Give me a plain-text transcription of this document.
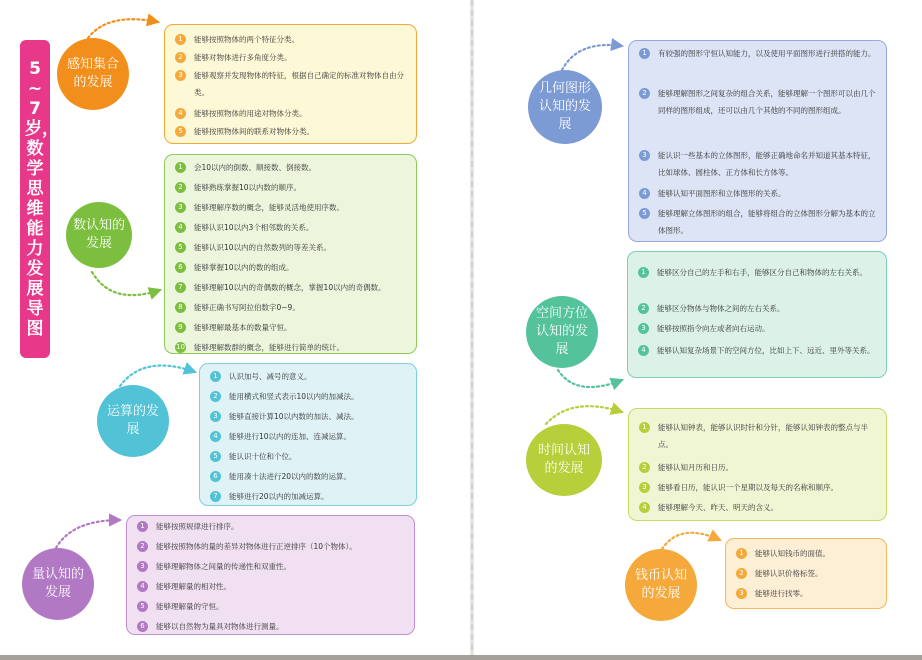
5~7岁，数学思维能力发展导图
感知集合的发展
1	能够按照物体的两个特征分类。
2	能够对物体进行多角度分类。
3	能够观察并发现物体的特征，根据自己确定的标准对物体自由分类。
4	能够按照物体的用途对物体分类。
5	能够按照物体间的联系对物体分类。
数认知的发展
1	会10以内的倒数、顺接数、倒接数。
2	能够熟练掌握10以内数的顺序。
3	能够理解序数的概念，能够灵活地使用序数。
4	能够认识10以内3个相邻数的关系。
5	能够认识10以内的自然数列的等差关系。
6	能够掌握10以内的数的组成。
7	能够理解10以内的奇偶数的概念，掌握10以内的奇偶数。
8	能够正确书写阿拉伯数字0~9。
9	能够理解最基本的数量守恒。
10 能够理解数群的概念，能够进行简单的统计。
运算的发展
1	认识加号、减号的意义。
2	能用横式和竖式表示10以内的加减法。
3	能够直接计算10以内数的加法、减法。
4	能够进行10以内的连加、连减运算。
5	能认识十位和个位。
6	能用凑十法进行20以内的数的运算。
7	能够进行20以内的加减运算。
量认知的发展
1	能够按照规律进行排序。
2	能够按照物体的量的差异对物体进行正逆排序（10个物体）。
3	能够理解物体之间量的传递性和双重性。
4	能够理解量的相对性。
5	能够理解量的守恒。
6	能够以自然物为量具对物体进行测量。
几何图形认知的发展
1	有较强的图形守恒认知能力，以及使用平面图形进行拼搭的能力。
2	能够理解图形之间复杂的组合关系，能够理解一个图形可以由几个同样的图形组成，还可以由几个其他的不同的图形组成。
3	能认识一些基本的立体图形，能够正确地命名并知道其基本特征，比如球体、圆柱体、正方体和长方体等。
4	能够认知平面图形和立体图形的关系。
5	能够理解立体图形的组合，能够将组合的立体图形分解为基本的立体图形。
空间方位认知的发展
1	能够区分自己的左手和右手，能够区分自己和物体的左右关系。
2	能够区分物体与物体之间的左右关系。
3	能够按照指令向左或者向右运动。
4	能够认知复杂场景下的空间方位，比如上下、远近、里外等关系。
时间认知的发展
1	能够认知钟表，能够认识时针和分针，能够认知钟表的整点与半点。
2	能够认知月历和日历。
3	能够看日历，能认识一个星期以及每天的名称和顺序。
4	能够理解今天、昨天、明天的含义。
钱币认知的发展
1	能够认知钱币的面值。
2	能够认识价格标签。
3	能够进行找零。
